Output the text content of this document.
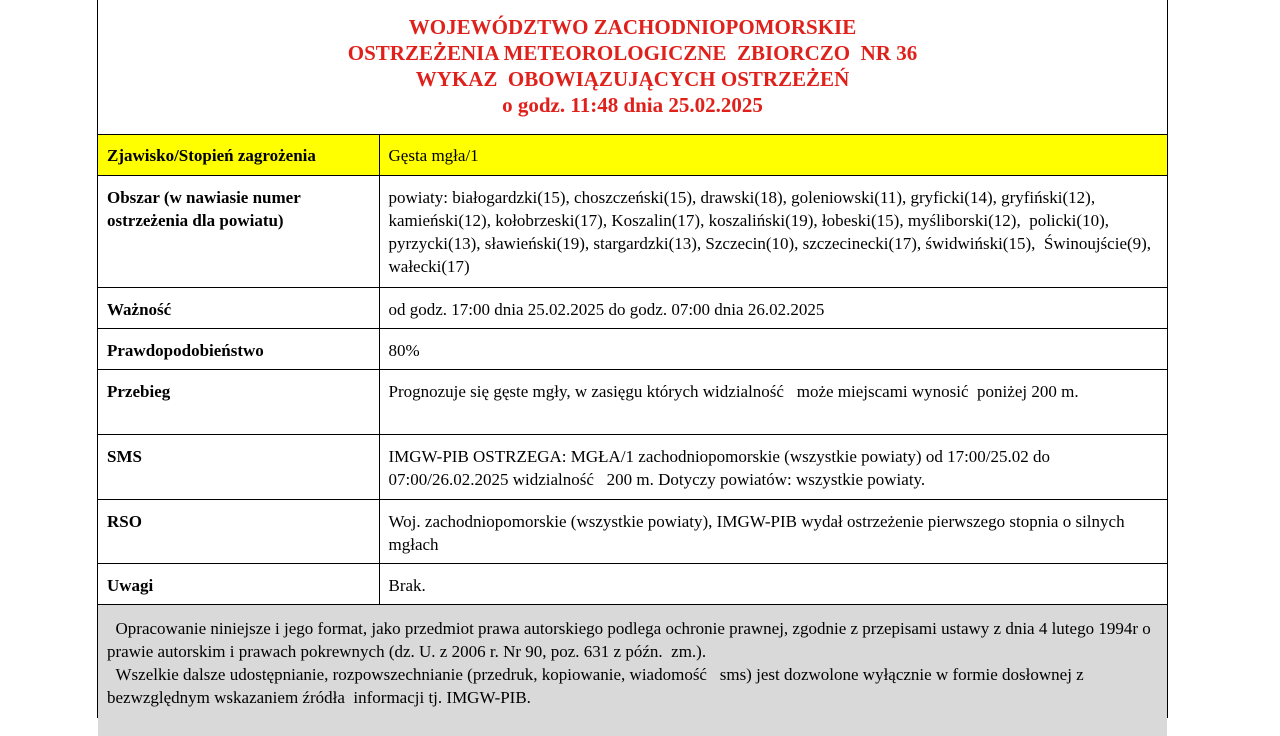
WOJEWÓDZTWO ZACHODNIOPOMORSKIE
OSTRZEŻENIA METEOROLOGICZNE  ZBIORCZO  NR 36
WYKAZ  OBOWIĄZUJĄCYCH OSTRZEŻEŃ
o godz. 11:48 dnia 25.02.2025
Zjawisko/Stopień zagrożenia	Gęsta mgła/1
Obszar (w nawiasie numer ostrzeżenia dla powiatu)	powiaty: białogardzki(15), choszczeński(15), drawski(18), goleniowski(11), gryficki(14), gryfiński(12), kamieński(12), kołobrzeski(17), Koszalin(17), koszaliński(19), łobeski(15), myśliborski(12),  policki(10), pyrzycki(13), sławieński(19), stargardzki(13), Szczecin(10), szczecinecki(17), świdwiński(15),  Świnoujście(9),   wałecki(17)
Ważność	od godz. 17:00 dnia 25.02.2025 do godz. 07:00 dnia 26.02.2025
Prawdopodobieństwo	80%
Przebieg	Prognozuje się gęste mgły, w zasięgu których widzialność   może miejscami wynosić  poniżej 200 m.
SMS	IMGW-PIB OSTRZEGA: MGŁA/1 zachodniopomorskie (wszystkie powiaty) od 17:00/25.02 do 07:00/26.02.2025 widzialność   200 m. Dotyczy powiatów: wszystkie powiaty.
RSO	Woj. zachodniopomorskie (wszystkie powiaty), IMGW-PIB wydał ostrzeżenie pierwszego stopnia o silnych mgłach
Uwagi	Brak.
Opracowanie niniejsze i jego format, jako przedmiot prawa autorskiego podlega ochronie prawnej, zgodnie z przepisami ustawy z dnia 4 lutego 1994r o prawie autorskim i prawach pokrewnych (dz. U. z 2006 r. Nr 90, poz. 631 z późn.  zm.).
Wszelkie dalsze udostępnianie, rozpowszechnianie (przedruk, kopiowanie, wiadomość   sms) jest dozwolone wyłącznie w formie dosłownej z bezwzględnym wskazaniem źródła  informacji tj. IMGW-PIB.
